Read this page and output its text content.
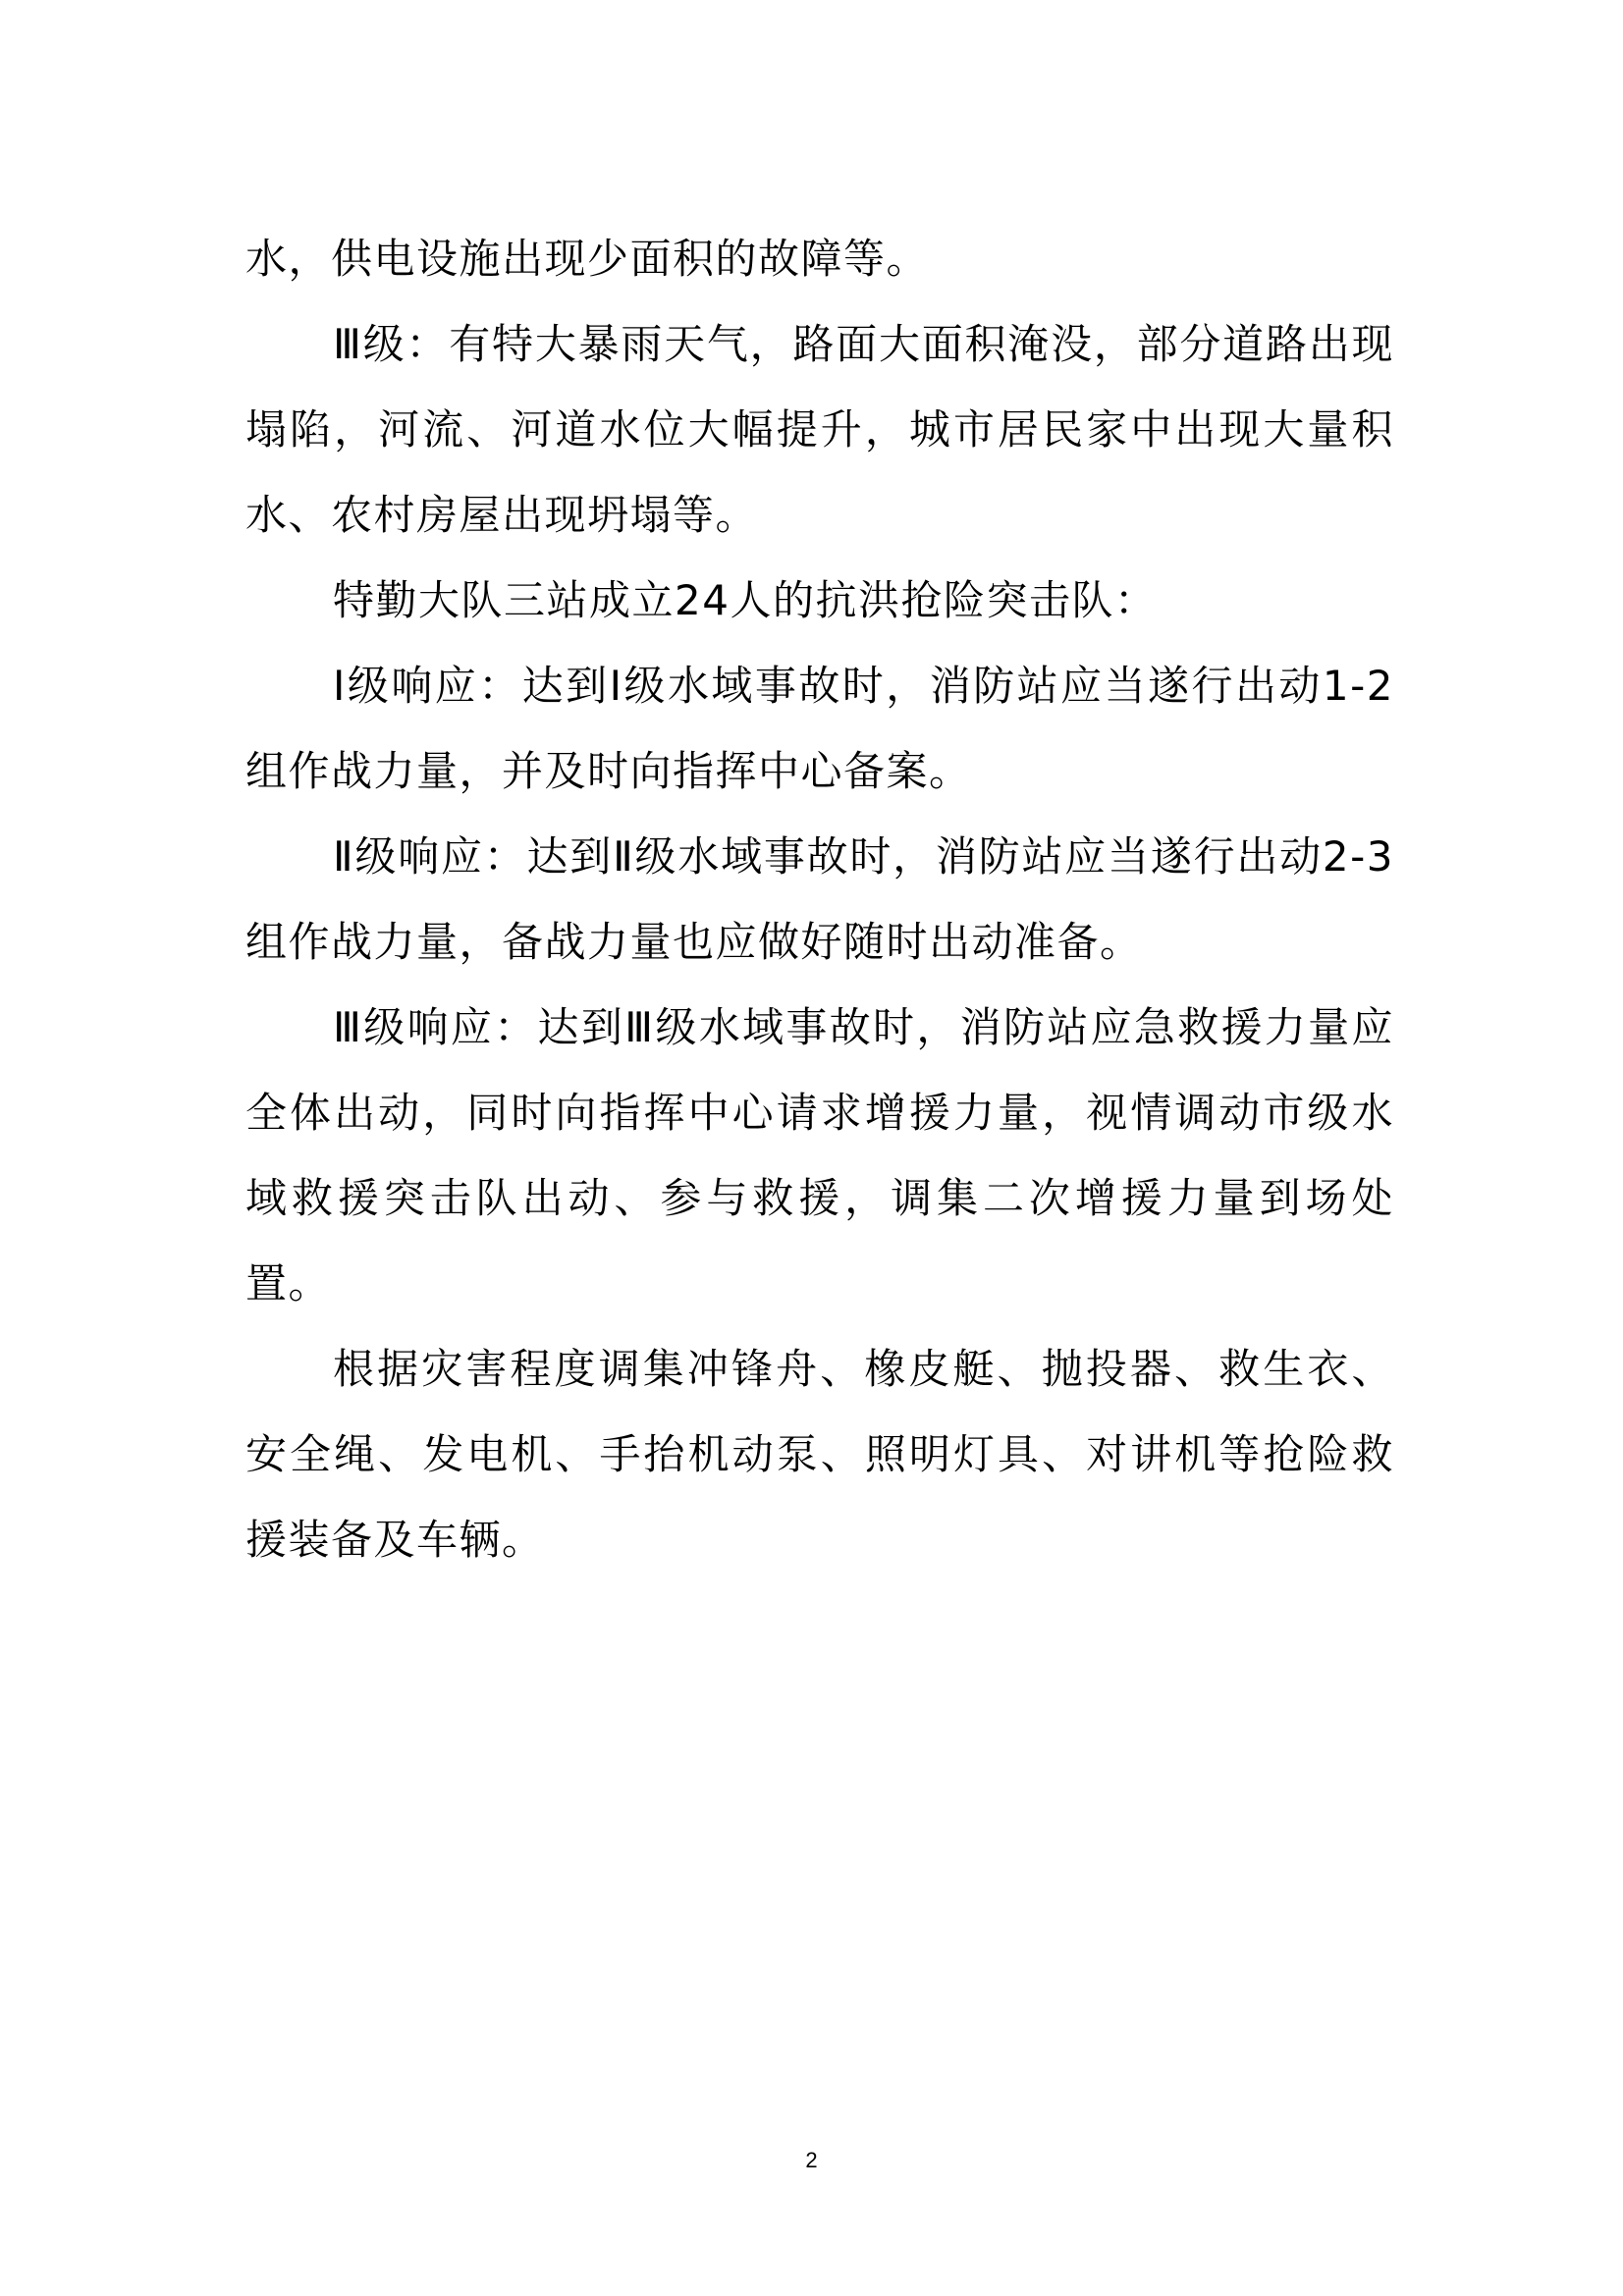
水，供电设施出现少面积的故障等。

Ⅲ级：有特大暴雨天气，路面大面积淹没，部分道路出现塌陷，河流、河道水位大幅提升，城市居民家中出现大量积水、农村房屋出现坍塌等。

特勤大队三站成立24人的抗洪抢险突击队：

Ⅰ级响应：达到Ⅰ级水域事故时，消防站应当遂行出动1-2组作战力量，并及时向指挥中心备案。

Ⅱ级响应：达到Ⅱ级水域事故时，消防站应当遂行出动2-3组作战力量，备战力量也应做好随时出动准备。

Ⅲ级响应：达到Ⅲ级水域事故时，消防站应急救援力量应全体出动，同时向指挥中心请求增援力量，视情调动市级水域救援突击队出动、参与救援，调集二次增援力量到场处置。

根据灾害程度调集冲锋舟、橡皮艇、抛投器、救生衣、安全绳、发电机、手抬机动泵、照明灯具、对讲机等抢险救援装备及车辆。

2
